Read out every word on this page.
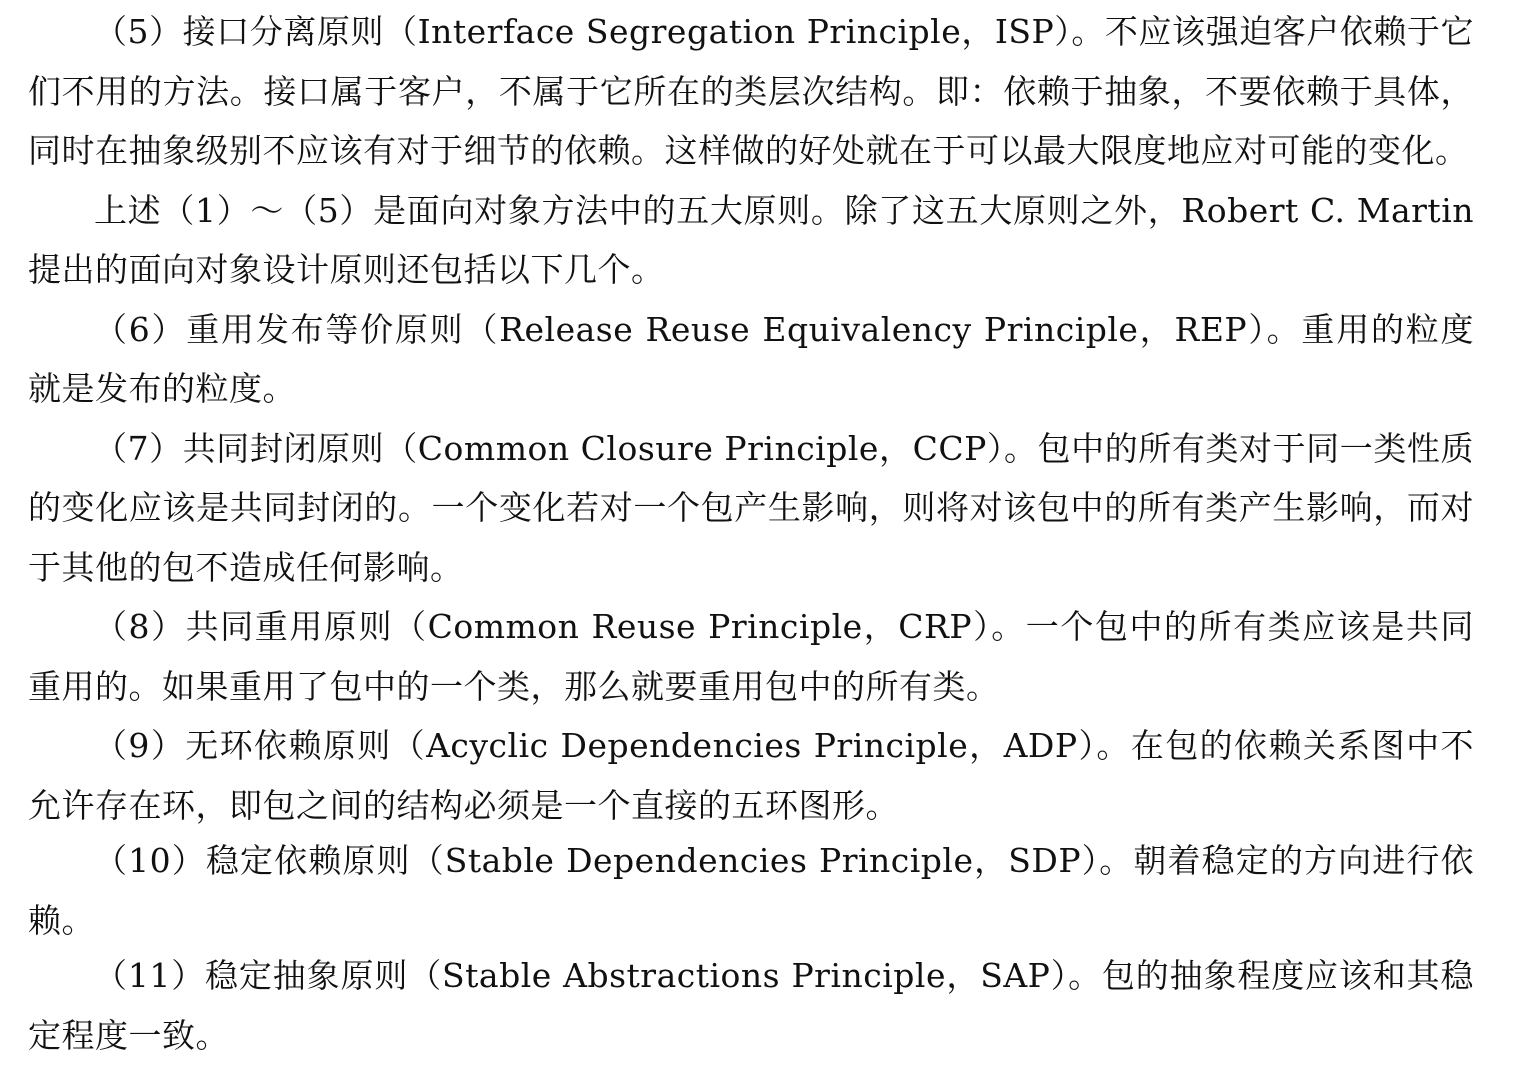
（5）接口分离原则（Interface Segregation Principle，ISP）。不应该强迫客户依赖于它们不用的方法。接口属于客户，不属于它所在的类层次结构。即：依赖于抽象，不要依赖于具体，同时在抽象级别不应该有对于细节的依赖。这样做的好处就在于可以最大限度地应对可能的变化。

上述（1）～（5）是面向对象方法中的五大原则。除了这五大原则之外，Robert C. Martin提出的面向对象设计原则还包括以下几个。

（6）重用发布等价原则（Release Reuse Equivalency Principle，REP）。重用的粒度就是发布的粒度。

（7）共同封闭原则（Common Closure Principle，CCP）。包中的所有类对于同一类性质的变化应该是共同封闭的。一个变化若对一个包产生影响，则将对该包中的所有类产生影响，而对于其他的包不造成任何影响。

（8）共同重用原则（Common Reuse Principle，CRP）。一个包中的所有类应该是共同重用的。如果重用了包中的一个类，那么就要重用包中的所有类。

（9）无环依赖原则（Acyclic Dependencies Principle，ADP）。在包的依赖关系图中不允许存在环，即包之间的结构必须是一个直接的五环图形。

（10）稳定依赖原则（Stable Dependencies Principle，SDP）。朝着稳定的方向进行依赖。

（11）稳定抽象原则（Stable Abstractions Principle，SAP）。包的抽象程度应该和其稳定程度一致。
